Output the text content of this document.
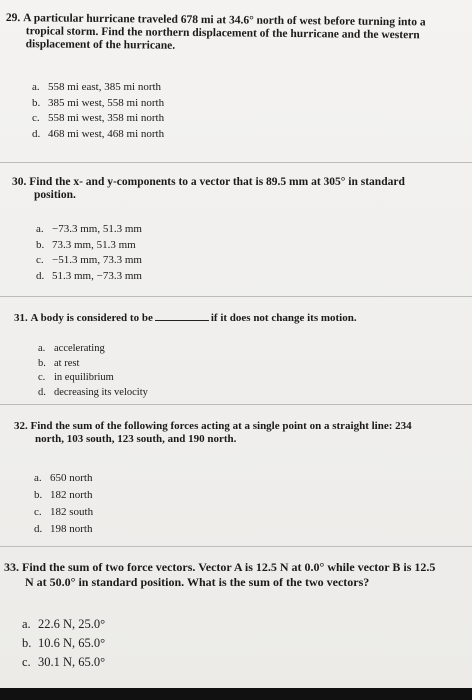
29. A particular hurricane traveled 678 mi at 34.6° north of west before turning into a
tropical storm. Find the northern displacement of the hurricane and the western
displacement of the hurricane.
a. 558 mi east, 385 mi north
b. 385 mi west, 558 mi north
c. 558 mi west, 358 mi north
d. 468 mi west, 468 mi north
30. Find the x- and y-components to a vector that is 89.5 mm at 305° in standard
position.
a. −73.3 mm, 51.3 mm
b. 73.3 mm, 51.3 mm
c. −51.3 mm, 73.3 mm
d. 51.3 mm, −73.3 mm
31. A body is considered to be	if it does not change its motion.
a. accelerating
b. at rest
c. in equilibrium
d. decreasing its velocity
32. Find the sum of the following forces acting at a single point on a straight line: 234
north, 103 south, 123 south, and 190 north.
a. 650 north
b. 182 north
c. 182 south
d. 198 north
33. Find the sum of two force vectors. Vector A is 12.5 N at 0.0° while vector B is 12.5
N at 50.0° in standard position. What is the sum of the two vectors?
a. 22.6 N, 25.0°
b. 10.6 N, 65.0°
c. 30.1 N, 65.0°
